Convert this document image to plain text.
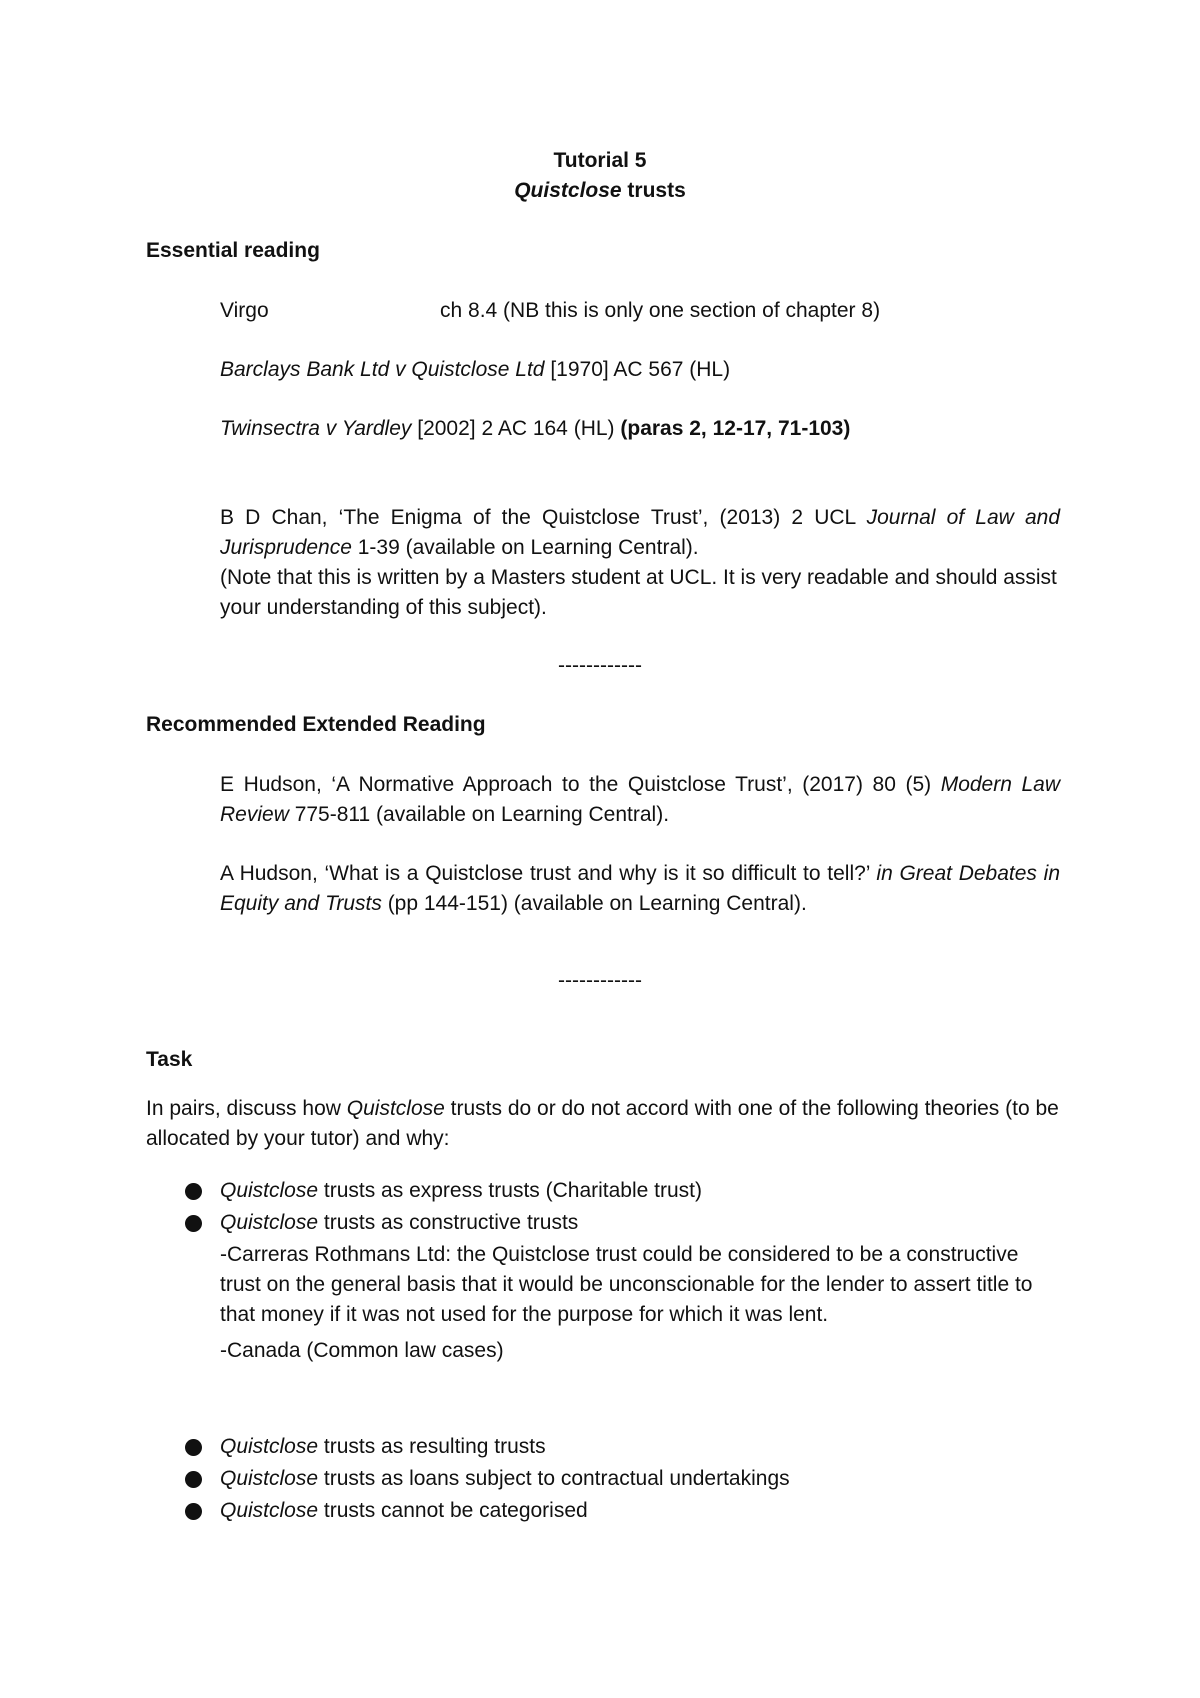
Tutorial 5
Quistclose trusts
Essential reading
Virgo	ch 8.4 (NB this is only one section of chapter 8)
Barclays Bank Ltd v Quistclose Ltd [1970] AC 567 (HL)
Twinsectra v Yardley [2002] 2 AC 164 (HL) (paras 2, 12-17, 71-103)
B D Chan, ‘The Enigma of the Quistclose Trust’, (2013) 2 UCL Journal of Law and Jurisprudence 1-39 (available on Learning Central).
(Note that this is written by a Masters student at UCL. It is very readable and should assist your understanding of this subject).
------------
Recommended Extended Reading
E Hudson, ‘A Normative Approach to the Quistclose Trust’, (2017) 80 (5) Modern Law Review 775-811 (available on Learning Central).
A Hudson, ‘What is a Quistclose trust and why is it so difficult to tell?’ in Great Debates in Equity and Trusts (pp 144-151) (available on Learning Central).
------------
Task
In pairs, discuss how Quistclose trusts do or do not accord with one of the following theories (to be allocated by your tutor) and why:
Quistclose trusts as express trusts (Charitable trust)
Quistclose trusts as constructive trusts
-Carreras Rothmans Ltd: the Quistclose trust could be considered to be a constructive trust on the general basis that it would be unconscionable for the lender to assert title to that money if it was not used for the purpose for which it was lent.
-Canada (Common law cases)
Quistclose trusts as resulting trusts
Quistclose trusts as loans subject to contractual undertakings
Quistclose trusts cannot be categorised
